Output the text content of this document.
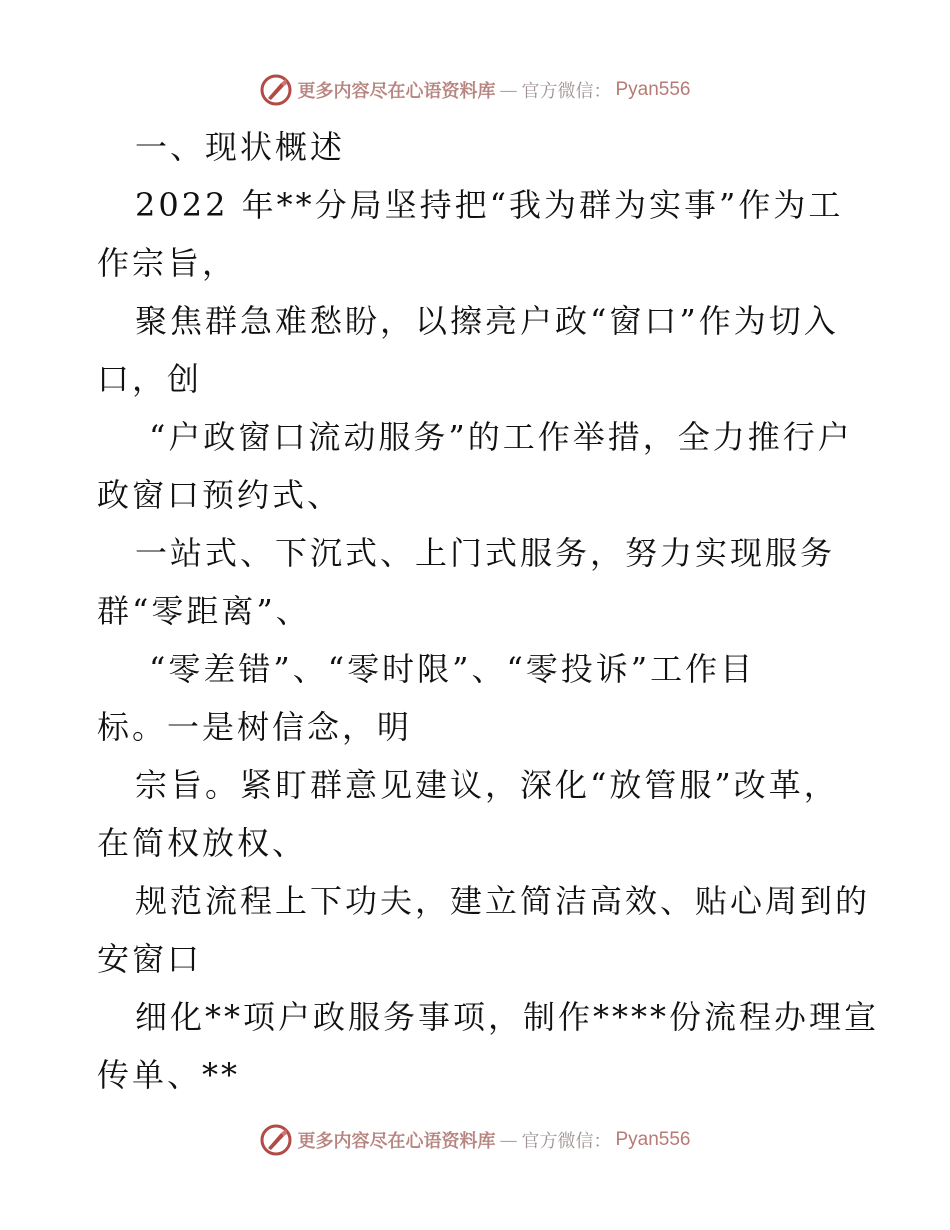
更多内容尽在心语资料库 — 官方微信： Pyan556
一、现状概述
2022 年**分局坚持把“我为群为实事”作为工
作宗旨，
聚焦群急难愁盼，以擦亮户政“窗口”作为切入
口，创
“户政窗口流动服务”的工作举措，全力推行户
政窗口预约式、
一站式、下沉式、上门式服务，努力实现服务
群“零距离”、
“零差错”、“零时限”、“零投诉”工作目
标。一是树信念，明
宗旨。紧盯群意见建议，深化“放管服”改革，
在简权放权、
规范流程上下功夫，建立简洁高效、贴心周到的
安窗口
细化**项户政服务事项，制作****份流程办理宣
传单、**
更多内容尽在心语资料库 — 官方微信： Pyan556
